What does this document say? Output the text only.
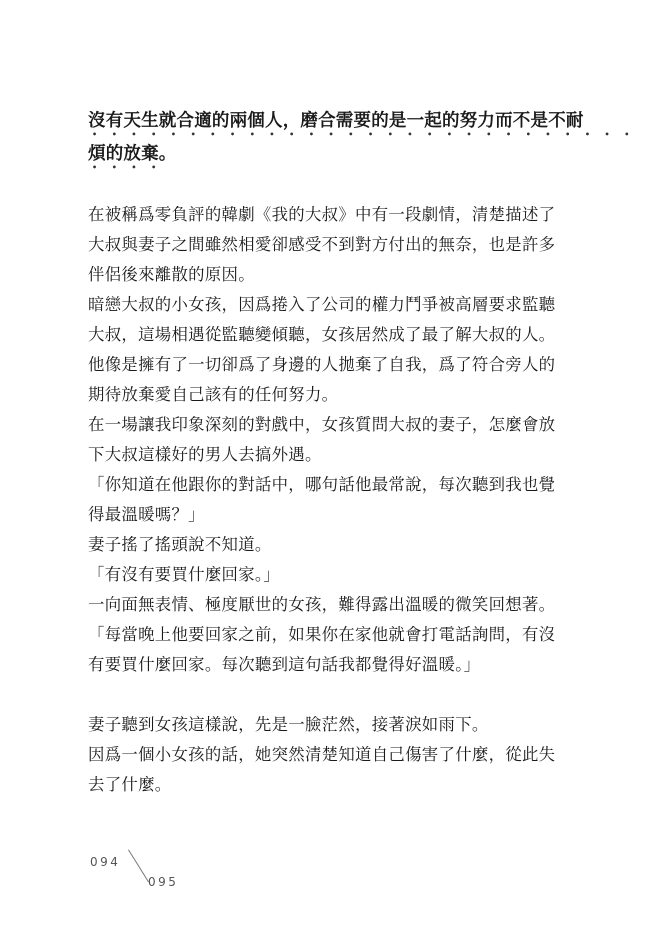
沒有天生就合適的兩個人，磨合需要的是一起的努力而不是不耐
••••••••••••••••••••••••••••
煩的放棄。
••••
在被稱爲零負評的韓劇《我的大叔》中有一段劇情，清楚描述了
大叔與妻子之間雖然相愛卻感受不到對方付出的無奈，也是許多
伴侶後來離散的原因。
暗戀大叔的小女孩，因爲捲入了公司的權力鬥爭被高層要求監聽
大叔，這場相遇從監聽變傾聽，女孩居然成了最了解大叔的人。
他像是擁有了一切卻爲了身邊的人拋棄了自我，爲了符合旁人的
期待放棄愛自己該有的任何努力。
在一場讓我印象深刻的對戲中，女孩質問大叔的妻子，怎麼會放
下大叔這樣好的男人去搞外遇。
「你知道在他跟你的對話中，哪句話他最常說，每次聽到我也覺
得最溫暖嗎？」
妻子搖了搖頭說不知道。
「有沒有要買什麼回家。」
一向面無表情、極度厭世的女孩，難得露出溫暖的微笑回想著。
「每當晚上他要回家之前，如果你在家他就會打電話詢問，有沒
有要買什麼回家。每次聽到這句話我都覺得好溫暖。」
妻子聽到女孩這樣說，先是一臉茫然，接著淚如雨下。
因爲一個小女孩的話，她突然清楚知道自己傷害了什麼，從此失
去了什麼。
094
095
